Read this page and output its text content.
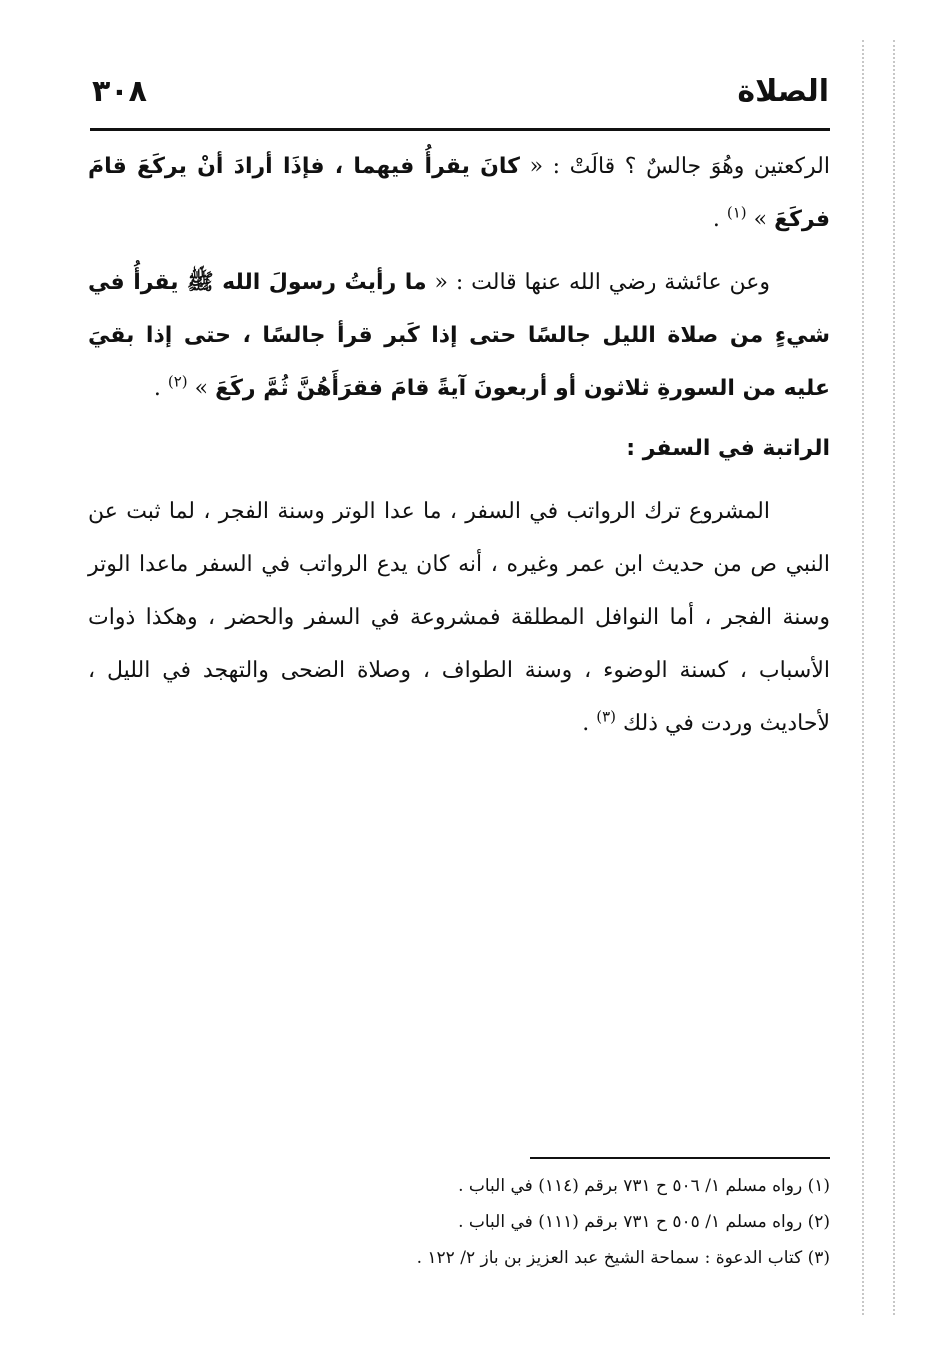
الصلاة
٣٠٨

الركعتين وهُوَ جالسٌ ؟ قالَتْ : « كانَ يقرأُ فيهما ، فإذَا أرادَ أنْ يركَعَ قامَ فركَعَ » $^{(١)}$ .

وعن عائشة رضي الله عنها قالت : « ما رأيتُ رسولَ الله ﷺ يقرأُ في شيءٍ من صلاة الليل جالسًا حتى إذا كَبر قرأ جالسًا ، حتى إذا بقيَ عليه من السورةِ ثلاثون أو أربعونَ آيةً قامَ فقرَأَهُنَّ ثُمَّ ركَعَ » $^{(٢)}$ .

الراتبة في السفر :

المشروع ترك الرواتب في السفر ، ما عدا الوتر وسنة الفجر ، لما ثبت عن النبي ص من حديث ابن عمر وغيره ، أنه كان يدع الرواتب في السفر ماعدا الوتر وسنة الفجر ، أما النوافل المطلقة فمشروعة في السفر والحضر ، وهكذا ذوات الأسباب ، كسنة الوضوء ، وسنة الطواف ، وصلاة الضحى والتهجد في الليل ، لأحاديث وردت في ذلك $^{(٣)}$ .

(١) رواه مسلم ١/ ٥٠٦ ح ٧٣١ برقم (١١٤) في الباب .
(٢) رواه مسلم ١/ ٥٠٥ ح ٧٣١ برقم (١١١) في الباب .
(٣) كتاب الدعوة : سماحة الشيخ عبد العزيز بن باز ٢/ ١٢٢ .
